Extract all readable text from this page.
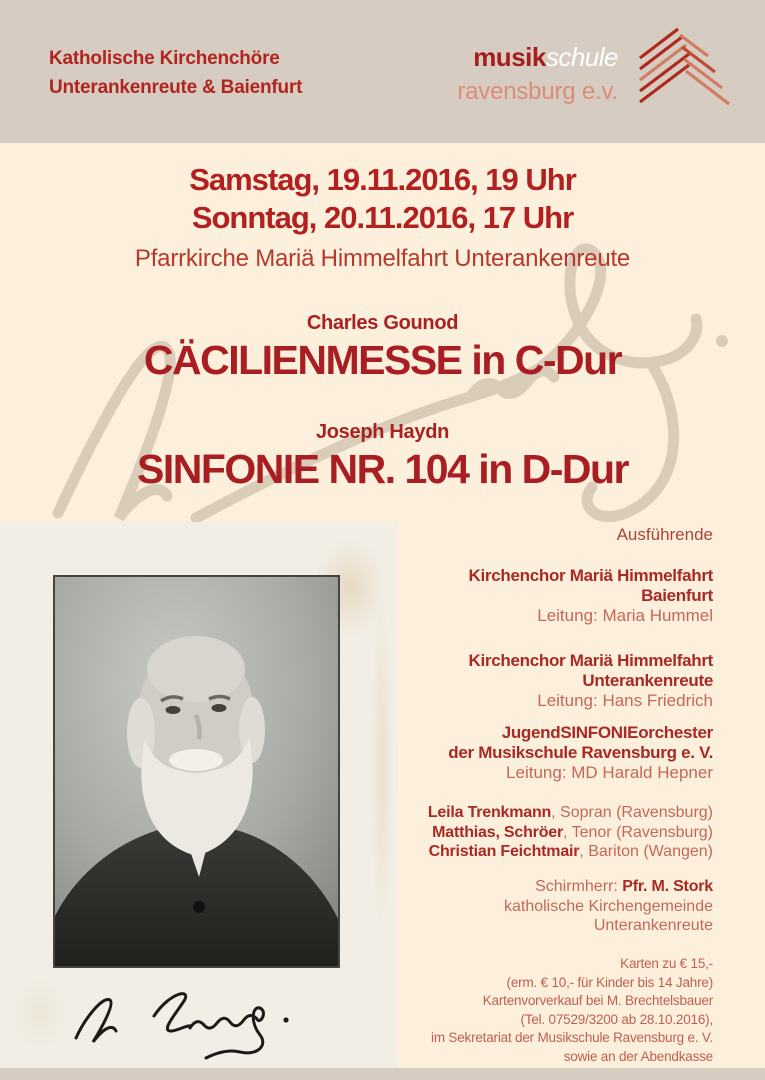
Katholische Kirchenchöre
Unterankenreute & Baienfurt
musikschule
ravensburg e.v.
Samstag, 19.11.2016, 19 Uhr
Sonntag, 20.11.2016, 17 Uhr
Pfarrkirche Mariä Himmelfahrt Unterankenreute
Charles Gounod
CÄCILIENMESSE in C-Dur
Joseph Haydn
SINFONIE NR. 104 in D-Dur
Ausführende
Kirchenchor Mariä Himmelfahrt
Baienfurt
Leitung: Maria Hummel
Kirchenchor Mariä Himmelfahrt
Unterankenreute
Leitung: Hans Friedrich
JugendSINFONIEorchester
der Musikschule Ravensburg e. V.
Leitung: MD Harald Hepner
Leila Trenkmann, Sopran (Ravensburg)
Matthias, Schröer, Tenor (Ravensburg)
Christian Feichtmair, Bariton (Wangen)
Schirmherr: Pfr. M. Stork
katholische Kirchengemeinde
Unterankenreute
Karten zu € 15,-
(erm. € 10,- für Kinder bis 14 Jahre)
Kartenvorverkauf bei M. Brechtelsbauer
(Tel. 07529/3200 ab 28.10.2016),
im Sekretariat der Musikschule Ravensburg e. V.
sowie an der Abendkasse
